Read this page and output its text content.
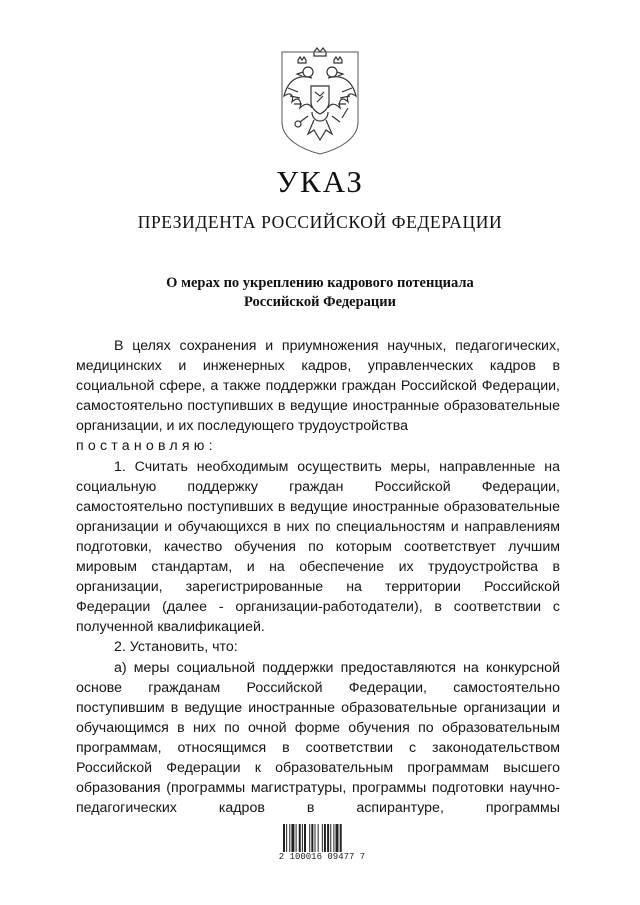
УКАЗ
ПРЕЗИДЕНТА РОССИЙСКОЙ ФЕДЕРАЦИИ
О мерах по укреплению кадрового потенциала
Российской Федерации

В целях сохранения и приумножения научных, педагогических, медицинских и инженерных кадров, управленческих кадров в социальной сфере, а также поддержки граждан Российской Федерации, самостоятельно поступивших в ведущие иностранные образовательные организации, и их последующего трудоустройства

постановляю:

1. Считать необходимым осуществить меры, направленные на социальную поддержку граждан Российской Федерации, самостоятельно поступивших в ведущие иностранные образовательные организации и обучающихся в них по специальностям и направлениям подготовки, качество обучения по которым соответствует лучшим мировым стандартам, и на обеспечение их трудоустройства в организации, зарегистрированные на территории Российской Федерации (далее - организации-работодатели), в соответствии с полученной квалификацией.

2. Установить, что:

а) меры социальной поддержки предоставляются на конкурсной основе гражданам Российской Федерации, самостоятельно поступившим в ведущие иностранные образовательные организации и обучающимся в них по очной форме обучения по образовательным программам, относящимся в соответствии с законодательством Российской Федерации к образовательным программам высшего образования (программы магистратуры, программы подготовки научно-педагогических кадров в аспирантуре, программы

2 100016 09477 7
